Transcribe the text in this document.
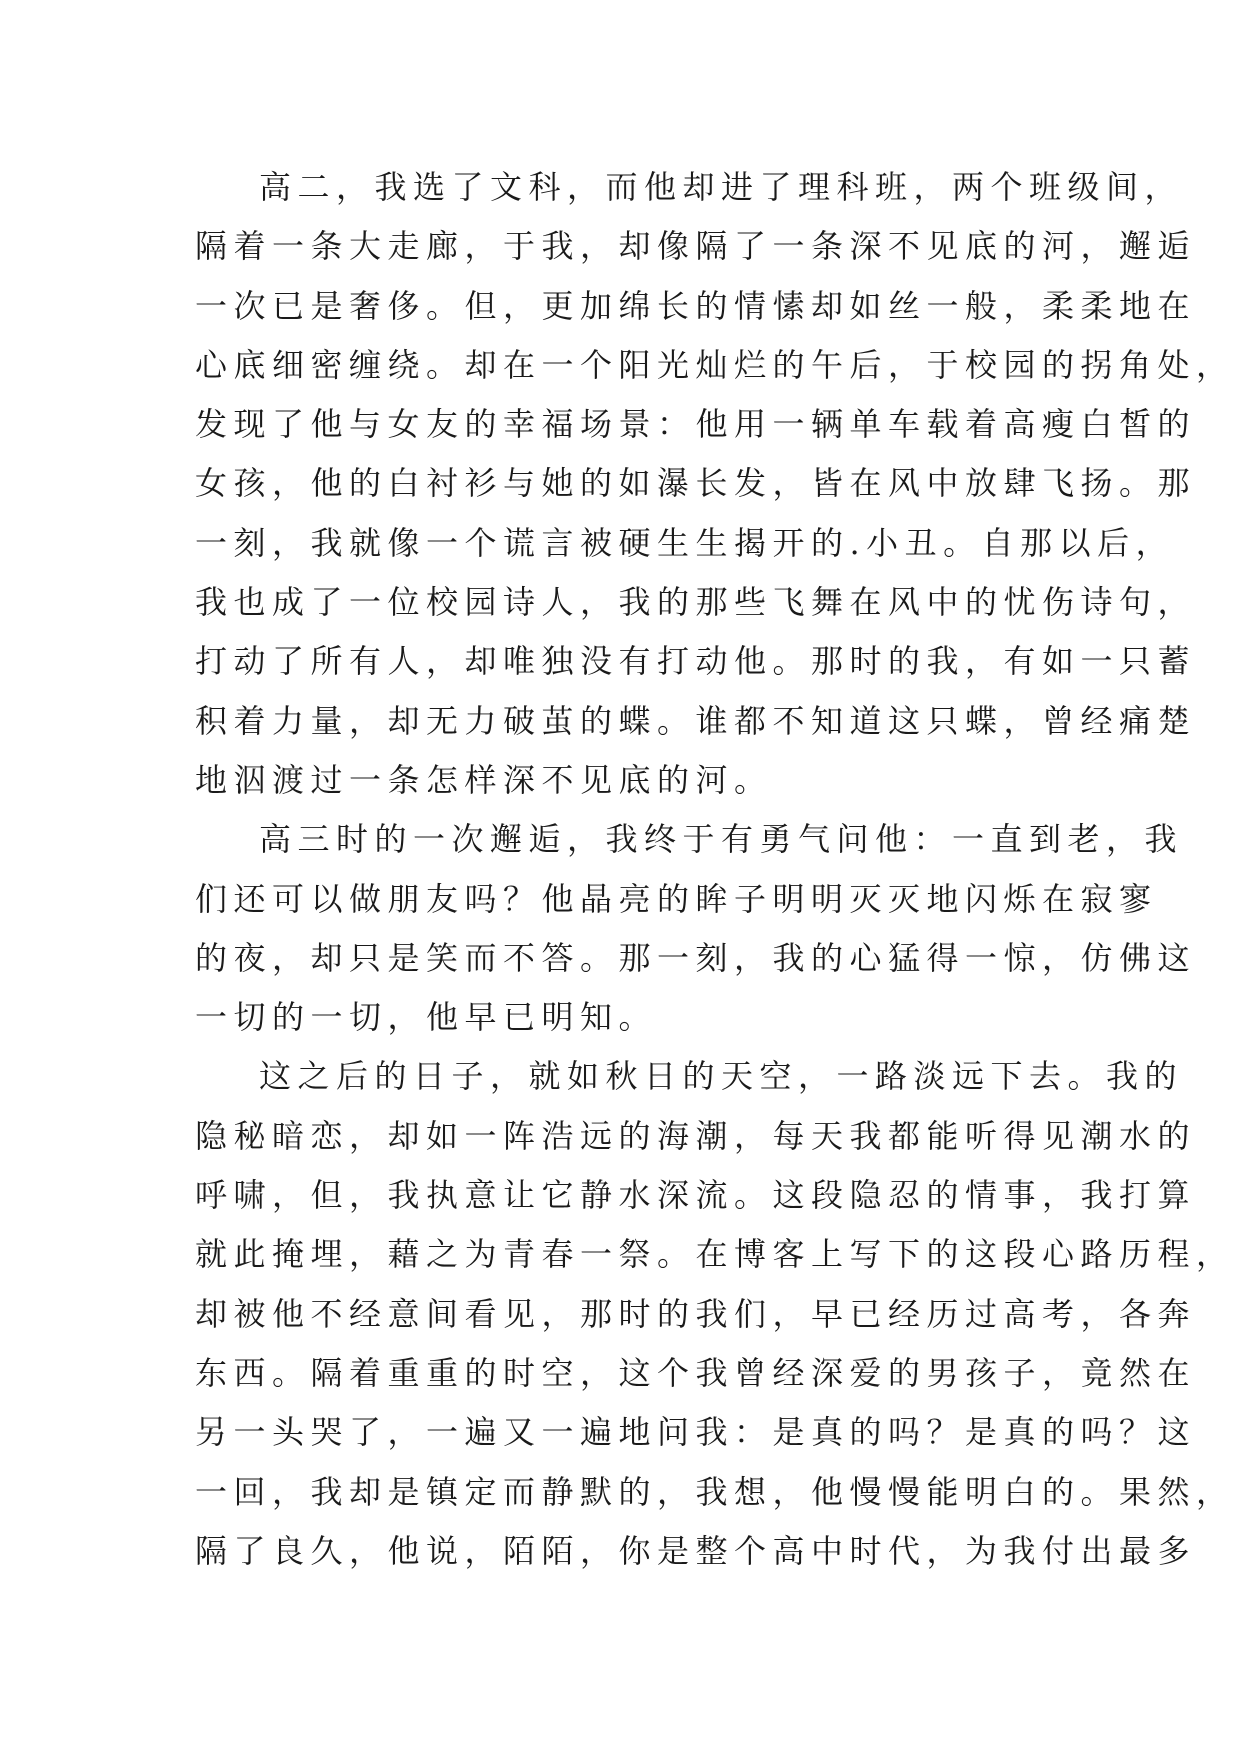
高二，我选了文科，而他却进了理科班，两个班级间，
隔着一条大走廊，于我，却像隔了一条深不见底的河，邂逅
一次已是奢侈。但，更加绵长的情愫却如丝一般，柔柔地在
心底细密缠绕。却在一个阳光灿烂的午后，于校园的拐角处，
发现了他与女友的幸福场景：他用一辆单车载着高瘦白皙的
女孩，他的白衬衫与她的如瀑长发，皆在风中放肆飞扬。那
一刻，我就像一个谎言被硬生生揭开的.小丑。自那以后，
我也成了一位校园诗人，我的那些飞舞在风中的忧伤诗句，
打动了所有人，却唯独没有打动他。那时的我，有如一只蓄
积着力量，却无力破茧的蝶。谁都不知道这只蝶，曾经痛楚
地泅渡过一条怎样深不见底的河。
高三时的一次邂逅，我终于有勇气问他：一直到老，我
们还可以做朋友吗？他晶亮的眸子明明灭灭地闪烁在寂寥
的夜，却只是笑而不答。那一刻，我的心猛得一惊，仿佛这
一切的一切，他早已明知。
这之后的日子，就如秋日的天空，一路淡远下去。我的
隐秘暗恋，却如一阵浩远的海潮，每天我都能听得见潮水的
呼啸，但，我执意让它静水深流。这段隐忍的情事，我打算
就此掩埋，藉之为青春一祭。在博客上写下的这段心路历程，
却被他不经意间看见，那时的我们，早已经历过高考，各奔
东西。隔着重重的时空，这个我曾经深爱的男孩子，竟然在
另一头哭了，一遍又一遍地问我：是真的吗？是真的吗？这
一回，我却是镇定而静默的，我想，他慢慢能明白的。果然，
隔了良久，他说，陌陌，你是整个高中时代，为我付出最多
